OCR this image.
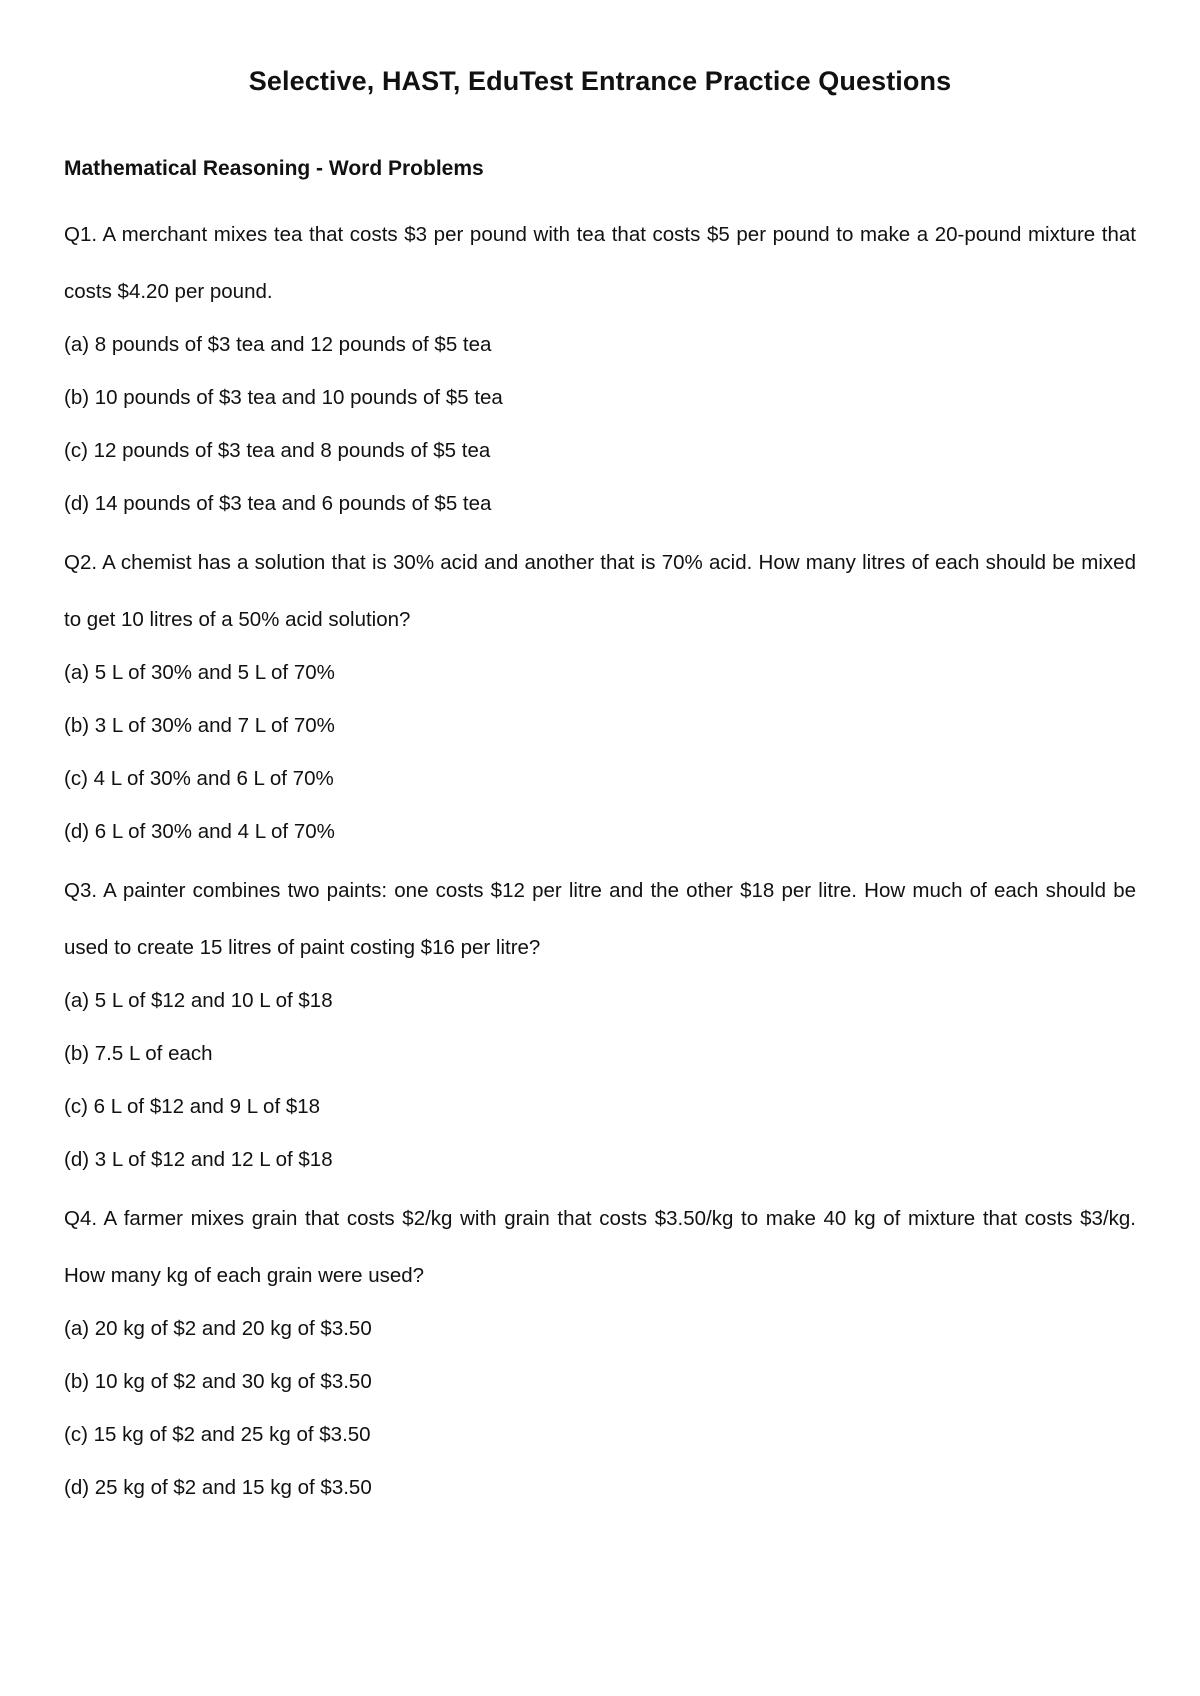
Selective, HAST, EduTest Entrance Practice Questions
Mathematical Reasoning - Word Problems

Q1. A merchant mixes tea that costs $3 per pound with tea that costs $5 per pound to make a 20-pound mixture that costs $4.20 per pound.

(a) 8 pounds of $3 tea and 12 pounds of $5 tea

(b) 10 pounds of $3 tea and 10 pounds of $5 tea

(c) 12 pounds of $3 tea and 8 pounds of $5 tea

(d) 14 pounds of $3 tea and 6 pounds of $5 tea

Q2. A chemist has a solution that is 30% acid and another that is 70% acid. How many litres of each should be mixed to get 10 litres of a 50% acid solution?

(a) 5 L of 30% and 5 L of 70%

(b) 3 L of 30% and 7 L of 70%

(c) 4 L of 30% and 6 L of 70%

(d) 6 L of 30% and 4 L of 70%

Q3. A painter combines two paints: one costs $12 per litre and the other $18 per litre. How much of each should be used to create 15 litres of paint costing $16 per litre?

(a) 5 L of $12 and 10 L of $18

(b) 7.5 L of each

(c) 6 L of $12 and 9 L of $18

(d) 3 L of $12 and 12 L of $18

Q4. A farmer mixes grain that costs $2/kg with grain that costs $3.50/kg to make 40 kg of mixture that costs $3/kg. How many kg of each grain were used?

(a) 20 kg of $2 and 20 kg of $3.50

(b) 10 kg of $2 and 30 kg of $3.50

(c) 15 kg of $2 and 25 kg of $3.50

(d) 25 kg of $2 and 15 kg of $3.50
